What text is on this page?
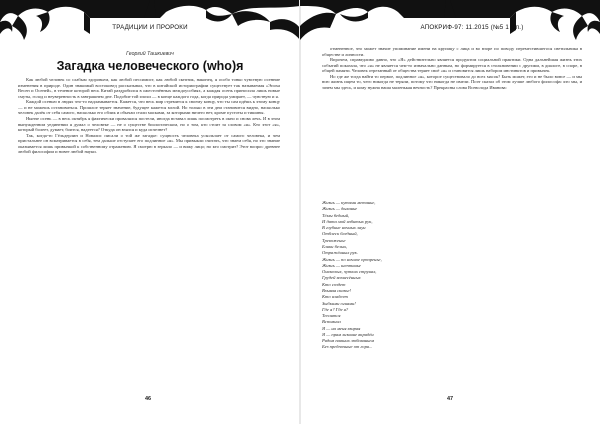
ТРАДИЦИИ И ПРОРОКИ
Георгий Ташкиевич
Загадка человеческого (who)я

Как любой человек со слабым здоровьем, как любой пессимист, как любой скептик, наконец, я особо тонко чувствую осенние изменения в природе. Один знакомый востоковед рассказывал, что в китайской историографии существует так называемая «Эпоха Весен и Осеней», в течение которой весь Китай раздробился в ожесточённых междоусобиях, а каждая осень приносила лишь новые смуты, голод и неуверенность в завтрашнем дне. Подобие той эпохи — в конце каждого года, когда природа умирает, — чувствую и я.

Каждой осенью в людях что-то надламывается. Кажется, что весь мир стремится к своему концу, что ты сам идёшь к этому концу — и не можешь остановиться. Прошлое теряет значение, будущее кажется мглой. Но только в эти дни становится видно, насколько человек далёк от себя самого, насколько его облик и обычаи стали масками, за которыми ничего нет, кроме пустоты и тишины.

Нынче осень — в весь октябрь я фактически провалялся постели, иногда вставал лишь посмотреть в окно и снова лечь. И в этом вынужденном уединении я думал о человеке — не о существе биологическом, но о том, кто стоит за словом «я». Кто этот «я», который болеет, думает, боится, надеется? Откуда он взялся и куда исчезнет?

Так, когда-то Гёльдерлин и Новалис писали о той же загадке: сущность человека ускользает от самого человека, и чем пристальнее он всматривается в себя, тем дальше отступает его подлинное «я». Мы привыкли считать, что знаем себя, но это знание оказывается лишь привычкой к собственному отражению. Я смотрю в зеркало — и вижу лицо; но кто смотрит? Этот вопрос древнее любой философии и новее любой науки.

46
АПОКРИФ-97: 11.2015 (№5 1 к.п.)

отмененное, что может значит упоминание имени на крупицу с лица и во взоре по поводу переместившегося светильника в обществе и личности.

Впрочем, справедливо давно, что «Я» действительно является продуктом социальной практики. Одна дальнейшая жизнь этих событий показала, что «я» не является чем-то изначально данным, но формируется в столкновении с другими, в диалоге, в споре, в общей памяти. Человек отрезанный от общества теряет своё «я» и становится лишь набором инстинктов и привычек.

Но где же тогда найти то первое, подлинное «я», которое существовало до всех масок? Быть может, его и не было вовсе — и мы всю жизнь ищем то, чего никогда не теряли, потому что никогда не имели. Поэт сказал об этом лучше любого философа: кто мы, и зачем мы здесь, и кому нужна наша маленькая вечность? Прекрасны слова Всеволода Иванова:

Жизнь — кутами метанье,
Жизнь — дыханье
Тёмы бедный,
И дата мой избитых рук,
В глубине ночных лаун
Отблеск бледный,
Тревоженье
Блики белых,
Отражённых рук.
Жизнь — по ночное прозренье,
Жизнь — шептанье
Онемелых, чутких струнах,
Грудей вознесённых
Кто создет
Взывая сказье!
Кто владеет
Зыбкими огнями!
Где я? Где я?
Теплится
Вспомнил
Я — на меня взирая
Я — прям лизание вкрадён
Рядом павших любованьем
Без предпочные от горя...
47
